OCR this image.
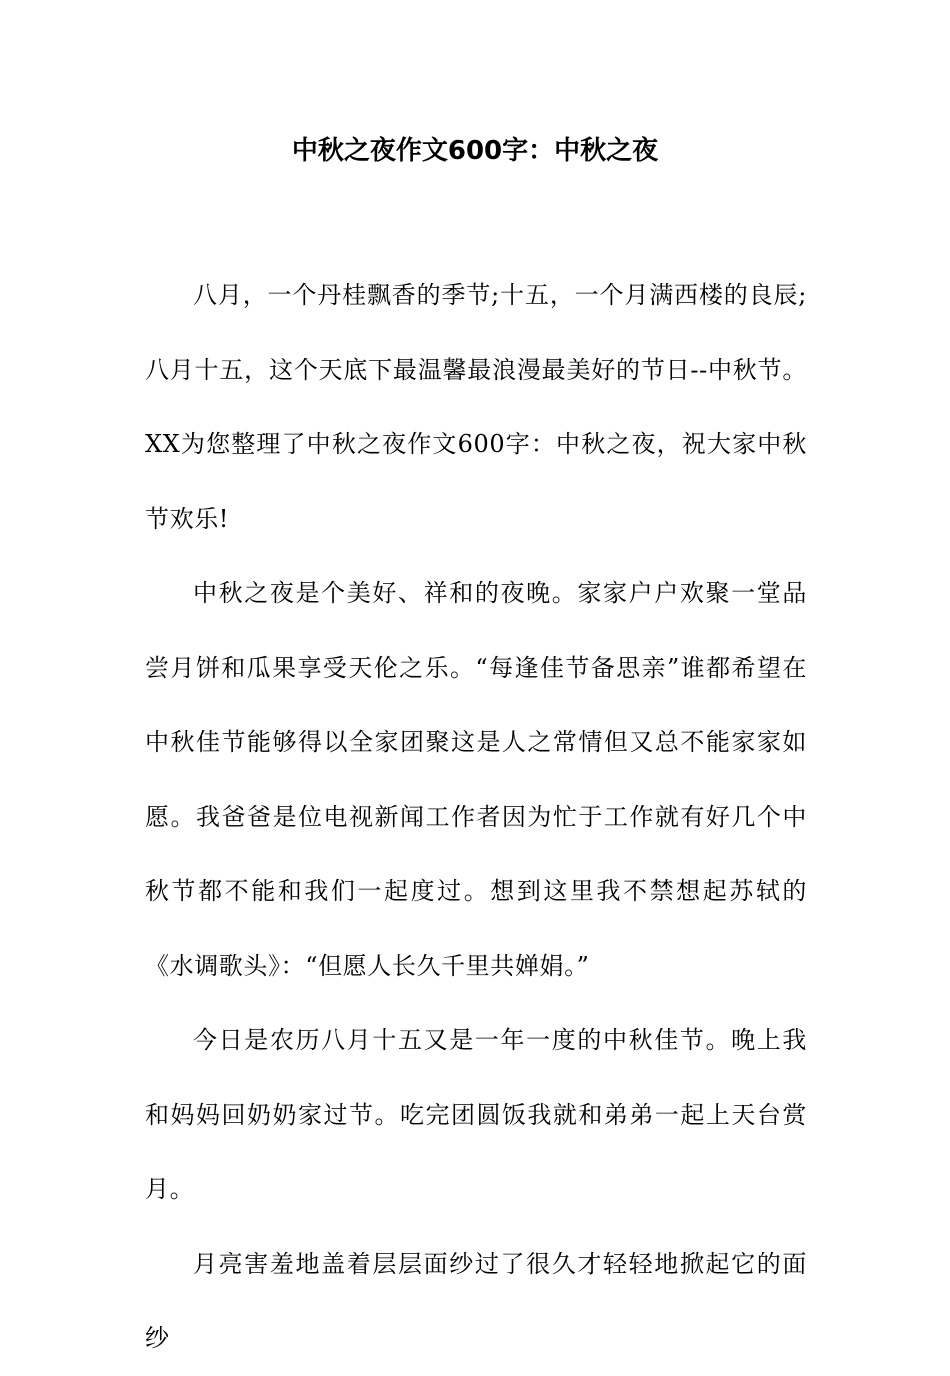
中秋之夜作文600字：中秋之夜

八月，一个丹桂飘香的季节;十五，一个月满西楼的良辰;八月十五，这个天底下最温馨最浪漫最美好的节日--中秋节。XX为您整理了中秋之夜作文600字：中秋之夜，祝大家中秋节欢乐!

中秋之夜是个美好、祥和的夜晚。家家户户欢聚一堂品尝月饼和瓜果享受天伦之乐。“每逢佳节备思亲”谁都希望在中秋佳节能够得以全家团聚这是人之常情但又总不能家家如愿。我爸爸是位电视新闻工作者因为忙于工作就有好几个中秋节都不能和我们一起度过。想到这里我不禁想起苏轼的《水调歌头》：“但愿人长久千里共婵娟。”

今日是农历八月十五又是一年一度的中秋佳节。晚上我和妈妈回奶奶家过节。吃完团圆饭我就和弟弟一起上天台赏月。

月亮害羞地盖着层层面纱过了很久才轻轻地掀起它的面纱
